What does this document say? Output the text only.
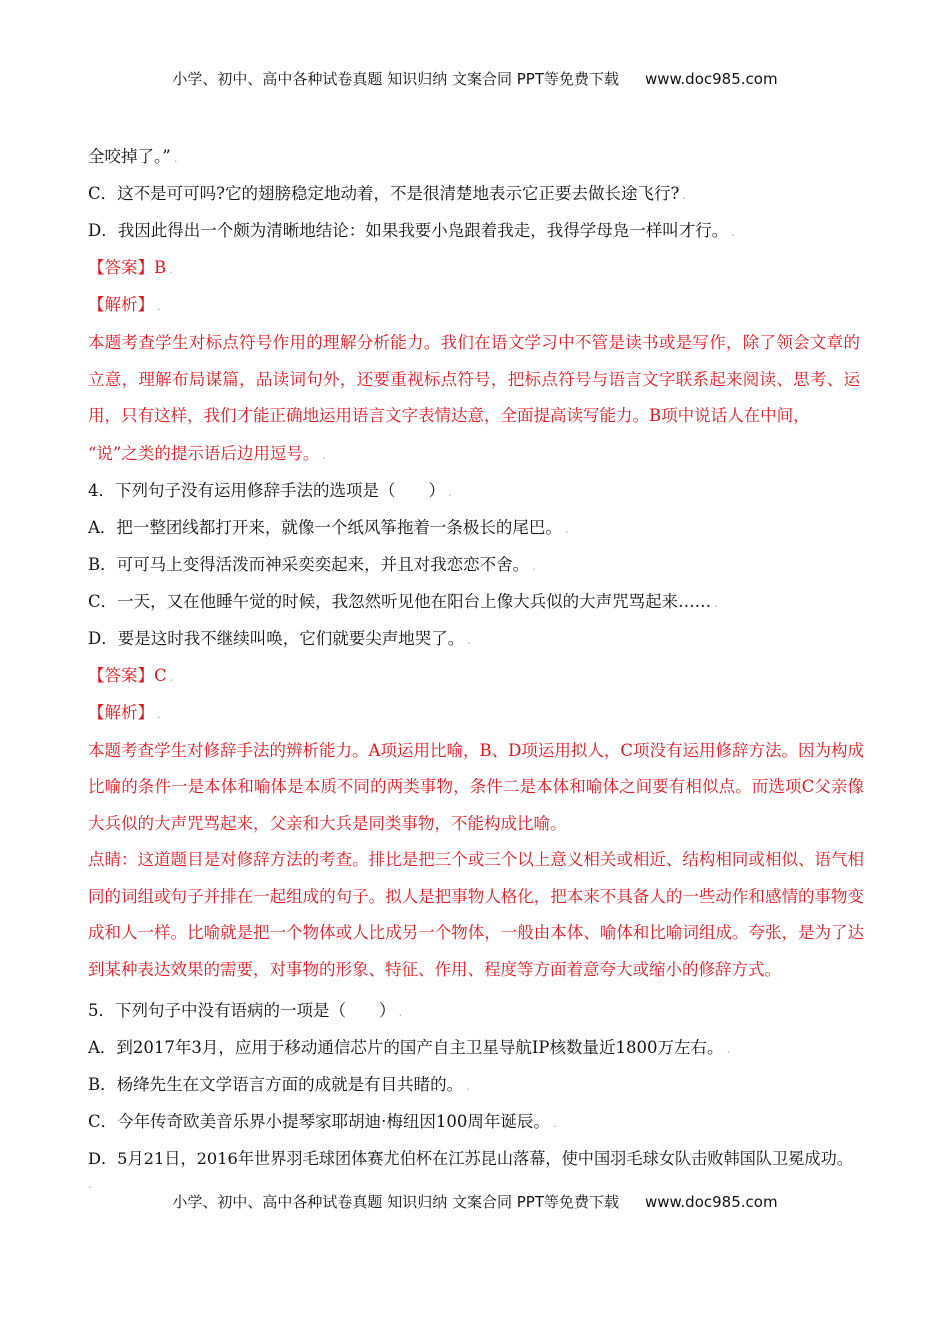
小学、初中、高中各种试卷真题 知识归纳 文案合同 PPT等免费下载 www.doc985.com
全咬掉了。” .
C．这不是可可吗?它的翅膀稳定地动着，不是很清楚地表示它正要去做长途飞行? .
D．我因此得出一个颇为清晰地结论：如果我要小凫跟着我走，我得学母凫一样叫才行。 .
【答案】B .
【解析】 .
本题考查学生对标点符号作用的理解分析能力。我们在语文学习中不管是读书或是写作，除了领会文章的立意，理解布局谋篇，品读词句外，还要重视标点符号，把标点符号与语言文字联系起来阅读、思考、运用，只有这样，我们才能正确地运用语言文字表情达意，全面提高读写能力。B项中说话人在中间，
“说”之类的提示语后边用逗号。 .
4．下列句子没有运用修辞手法的选项是（　　） .
A．把一整团线都打开来，就像一个纸风筝拖着一条极长的尾巴。 .
B．可可马上变得活泼而神采奕奕起来，并且对我恋恋不舍。 .
C．一天，又在他睡午觉的时候，我忽然听见他在阳台上像大兵似的大声咒骂起来…… .
D．要是这时我不继续叫唤，它们就要尖声地哭了。 .
【答案】C .
【解析】 .
本题考查学生对修辞手法的辨析能力。A项运用比喻，B、D项运用拟人，C项没有运用修辞方法。因为构成比喻的条件一是本体和喻体是本质不同的两类事物，条件二是本体和喻体之间要有相似点。而选项C父亲像大兵似的大声咒骂起来，父亲和大兵是同类事物，不能构成比喻。
点睛：这道题目是对修辞方法的考查。排比是把三个或三个以上意义相关或相近、结构相同或相似、语气相同的词组或句子并排在一起组成的句子。拟人是把事物人格化，把本来不具备人的一些动作和感情的事物变成和人一样。比喻就是把一个物体或人比成另一个物体，一般由本体、喻体和比喻词组成。夸张，是为了达到某种表达效果的需要，对事物的形象、特征、作用、程度等方面着意夸大或缩小的修辞方式。
5．下列句子中没有语病的一项是（　　） .
A．到2017年3月，应用于移动通信芯片的国产自主卫星导航IP核数量近1800万左右。 .
B．杨绛先生在文学语言方面的成就是有目共睹的。 .
C．今年传奇欧美音乐界小提琴家耶胡迪·梅纽因100周年诞辰。 .
D．5月21日，2016年世界羽毛球团体赛尤伯杯在江苏昆山落幕，使中国羽毛球女队击败韩国队卫冕成功。
.
小学、初中、高中各种试卷真题 知识归纳 文案合同 PPT等免费下载 www.doc985.com
